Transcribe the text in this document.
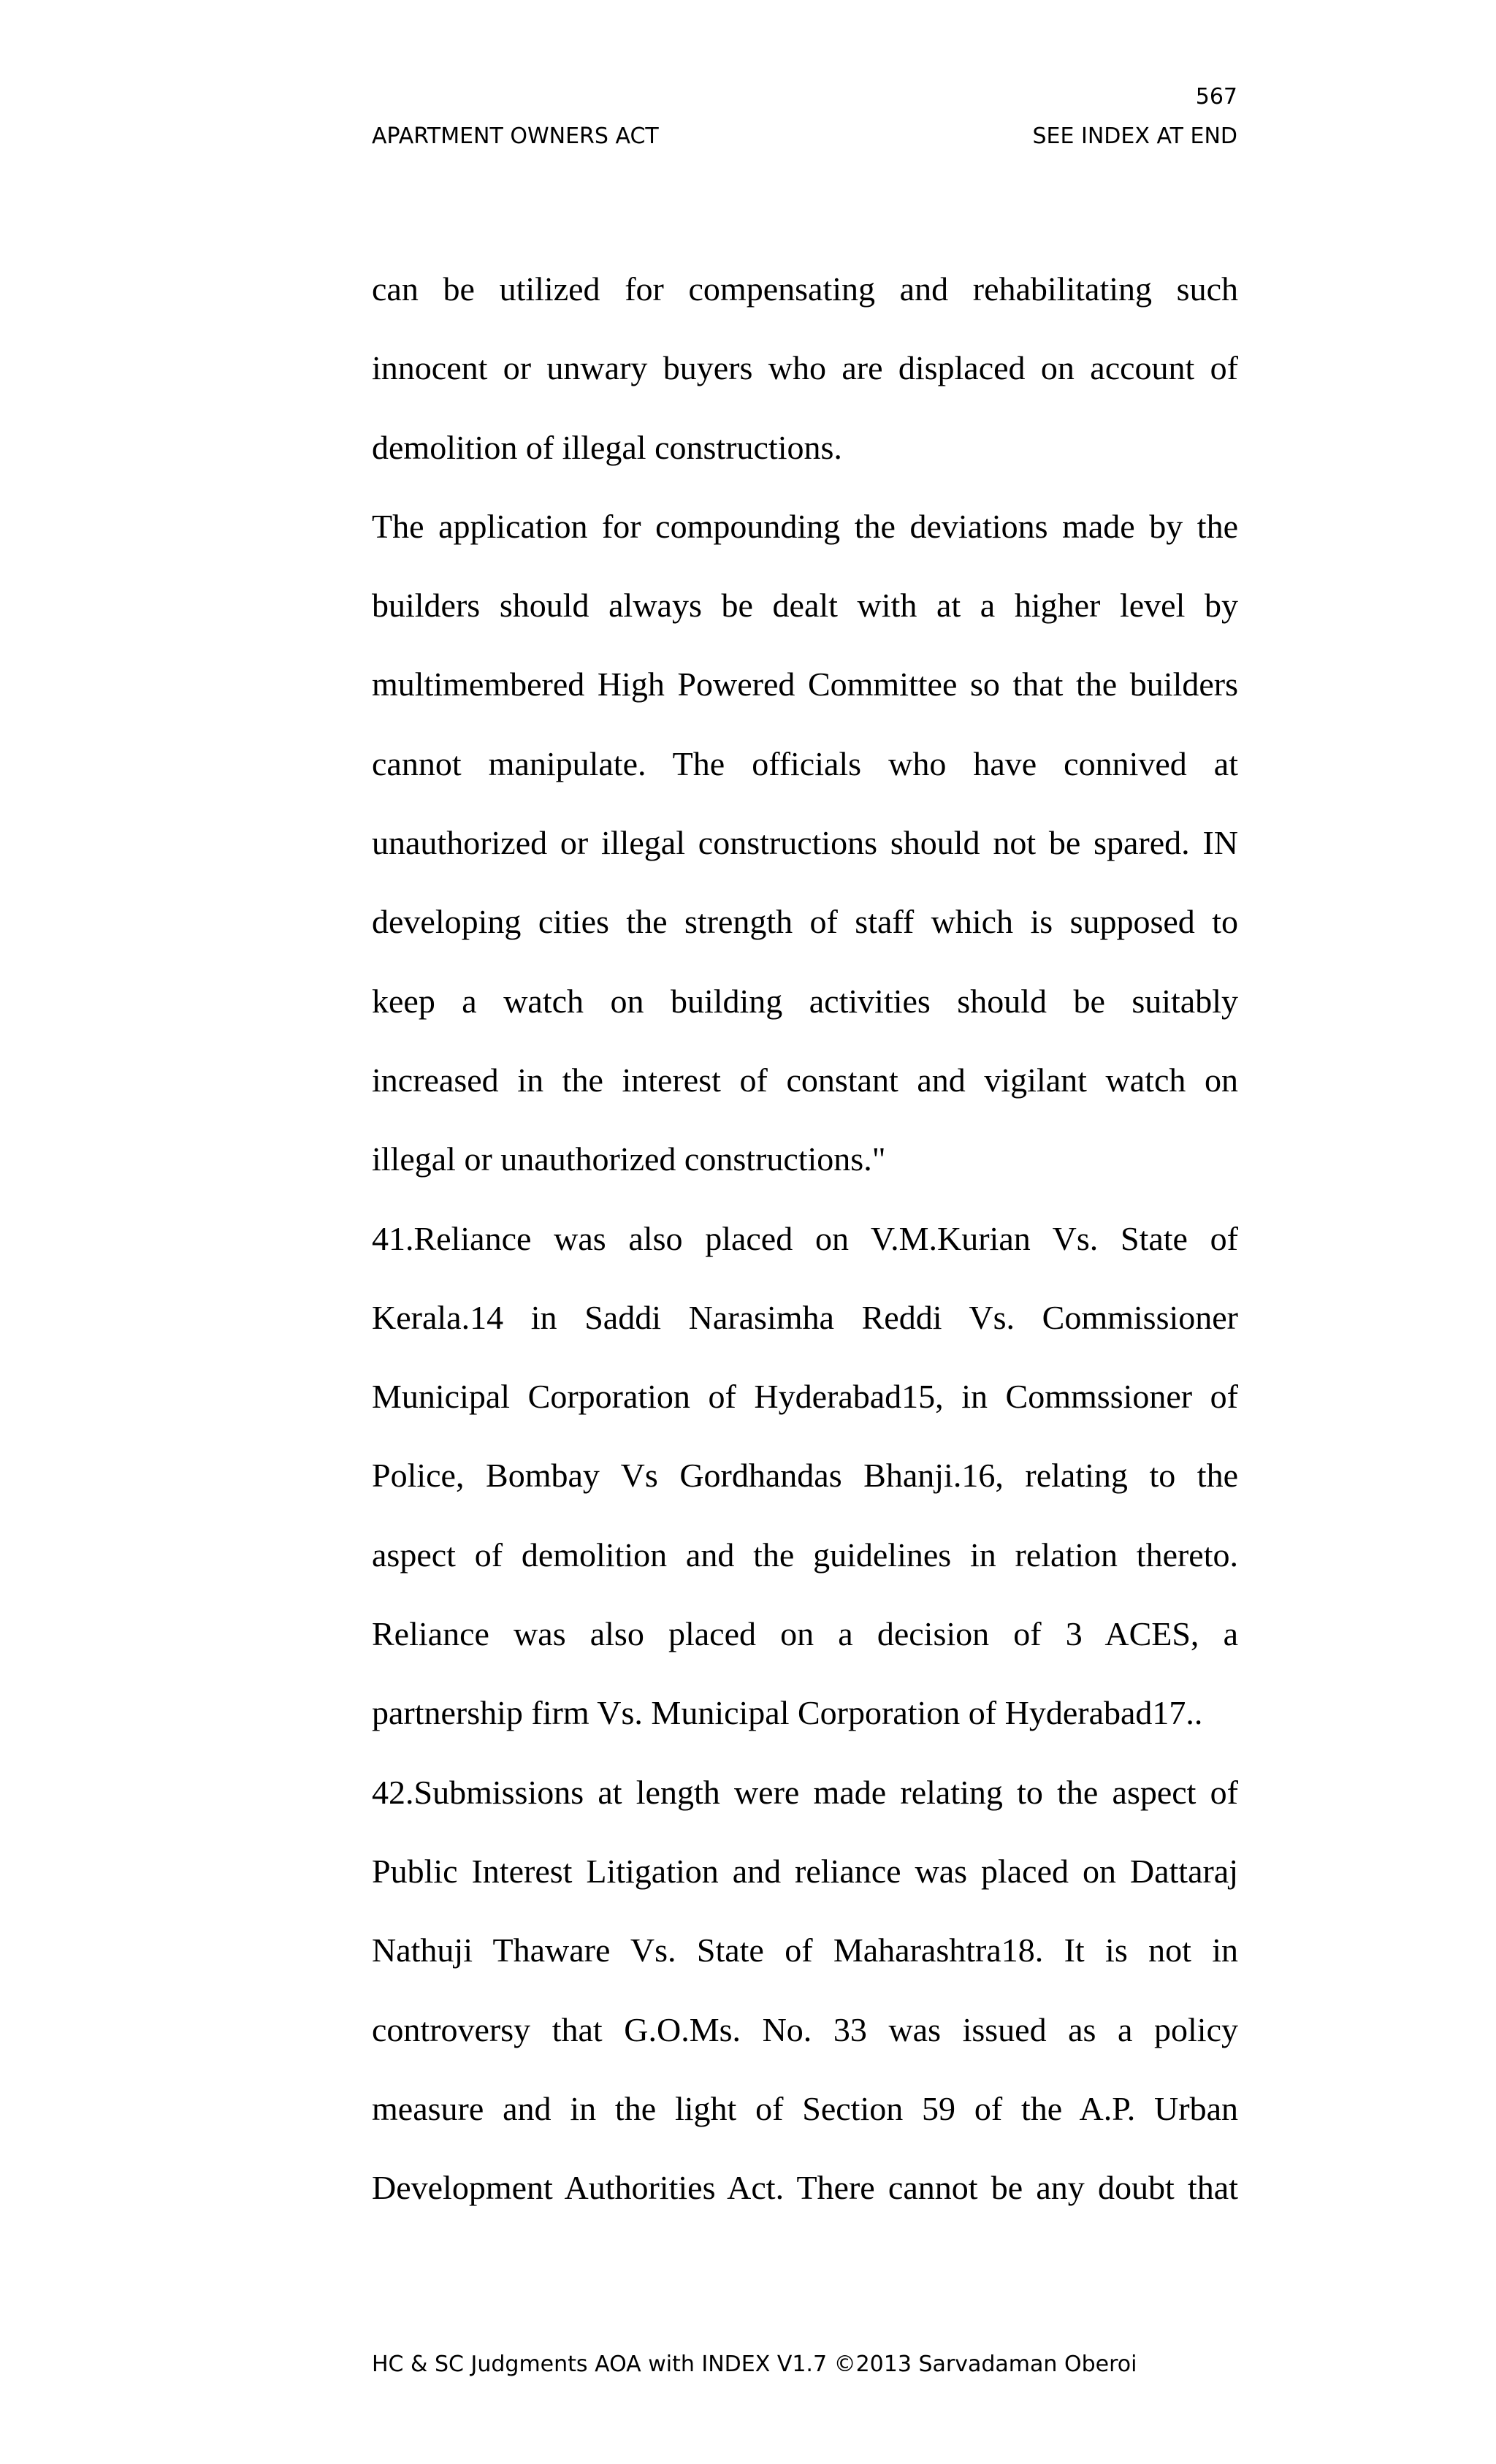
567
APARTMENT OWNERS ACT	SEE INDEX AT END
can be utilized for compensating and rehabilitating such
innocent or unwary buyers who are displaced on account of
demolition of illegal constructions.
The application for compounding the deviations made by the
builders should always be dealt with at a higher level by
multimembered High Powered Committee so that the builders
cannot manipulate. The officials who have connived at
unauthorized or illegal constructions should not be spared. IN
developing cities the strength of staff which is supposed to
keep a watch on building activities should be suitably
increased in the interest of constant and vigilant watch on
illegal or unauthorized constructions."
41.Reliance was also placed on V.M.Kurian Vs. State of
Kerala.14 in Saddi Narasimha Reddi Vs. Commissioner
Municipal Corporation of Hyderabad15, in Commssioner of
Police, Bombay Vs Gordhandas Bhanji.16, relating to the
aspect of demolition and the guidelines in relation thereto.
Reliance was also placed on a decision of 3 ACES, a
partnership firm Vs. Municipal Corporation of Hyderabad17..
42.Submissions at length were made relating to the aspect of
Public Interest Litigation and reliance was placed on Dattaraj
Nathuji Thaware Vs. State of Maharashtra18. It is not in
controversy that G.O.Ms. No. 33 was issued as a policy
measure and in the light of Section 59 of the A.P. Urban
Development Authorities Act. There cannot be any doubt that
HC & SC Judgments AOA with INDEX V1.7 ©2013 Sarvadaman Oberoi
